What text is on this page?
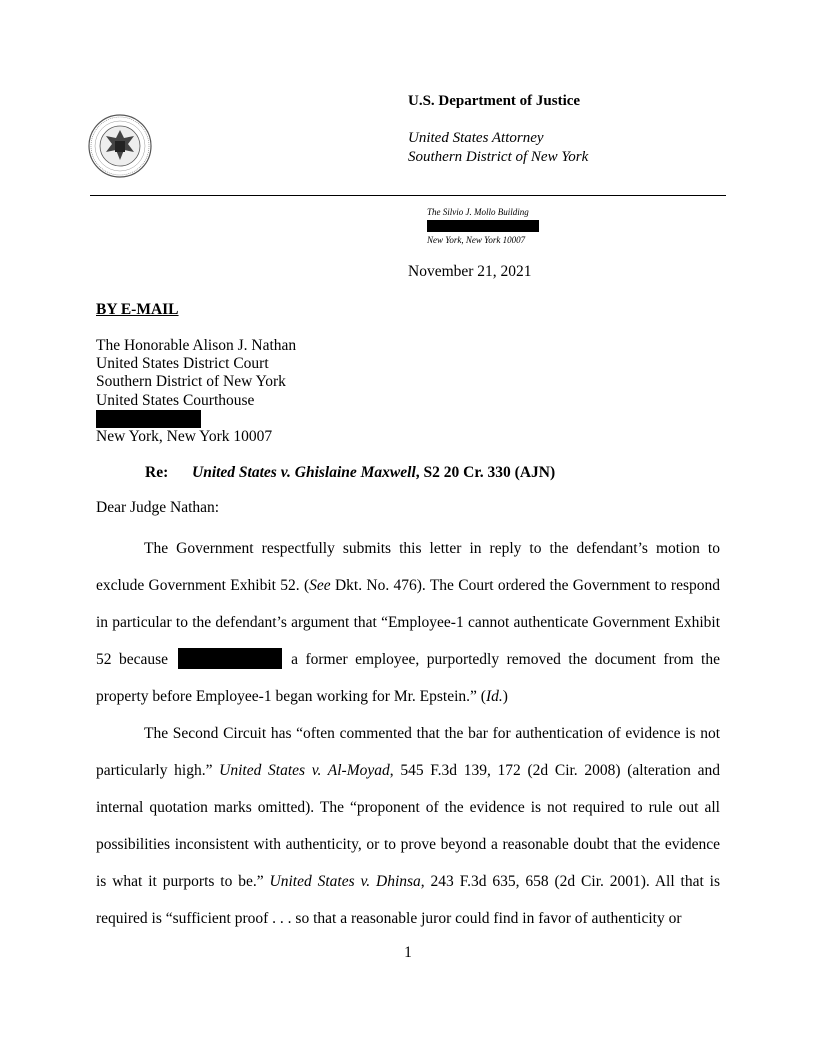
U.S. Department of Justice
United States Attorney
Southern District of New York
The Silvio J. Mollo Building
New York, New York 10007
November 21, 2021
BY E-MAIL
The Honorable Alison J. Nathan
United States District Court
Southern District of New York
United States Courthouse
New York, New York 10007
Re: United States v. Ghislaine Maxwell, S2 20 Cr. 330 (AJN)
Dear Judge Nathan:

The Government respectfully submits this letter in reply to the defendant’s motion to exclude Government Exhibit 52. (See Dkt. No. 476). The Court ordered the Government to respond in particular to the defendant’s argument that “Employee-1 cannot authenticate Government Exhibit 52 because	a former employee, purportedly removed the document from the property before Employee-1 began working for Mr. Epstein.” (Id.)

The Second Circuit has “often commented that the bar for authentication of evidence is not particularly high.” United States v. Al-Moyad, 545 F.3d 139, 172 (2d Cir. 2008) (alteration and internal quotation marks omitted). The “proponent of the evidence is not required to rule out all possibilities inconsistent with authenticity, or to prove beyond a reasonable doubt that the evidence is what it purports to be.” United States v. Dhinsa, 243 F.3d 635, 658 (2d Cir. 2001). All that is required is “sufficient proof . . . so that a reasonable juror could find in favor of authenticity or

1
